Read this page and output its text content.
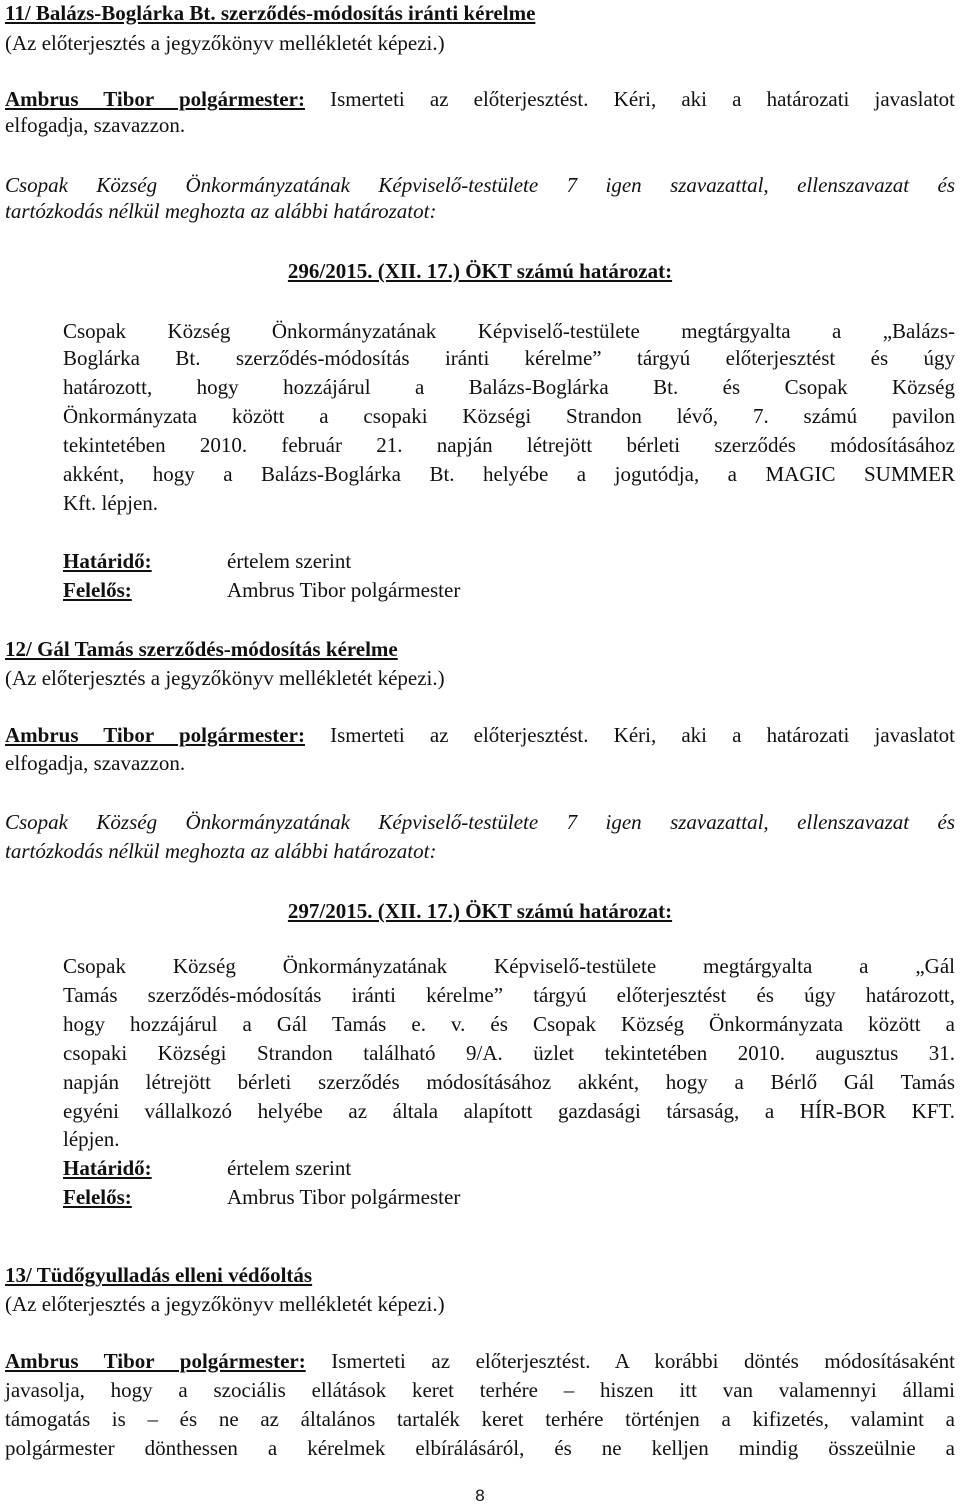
11/ Balázs-Boglárka Bt. szerződés-módosítás iránti kérelme
(Az előterjesztés a jegyzőkönyv mellékletét képezi.)
Ambrus Tibor polgármester: Ismerteti az előterjesztést. Kéri, aki a határozati javaslatot
elfogadja, szavazzon.
Csopak Község Önkormányzatának Képviselő-testülete 7 igen szavazattal, ellenszavazat és
tartózkodás nélkül meghozta az alábbi határozatot:
296/2015. (XII. 17.) ÖKT számú határozat:
Csopak Község Önkormányzatának Képviselő-testülete megtárgyalta a „Balázs-
Boglárka Bt. szerződés-módosítás iránti kérelme” tárgyú előterjesztést és úgy
határozott, hogy hozzájárul a Balázs-Boglárka Bt. és Csopak Község
Önkormányzata között a csopaki Községi Strandon lévő, 7. számú pavilon
tekintetében 2010. február 21. napján létrejött bérleti szerződés módosításához
akként, hogy a Balázs-Boglárka Bt. helyébe a jogutódja, a MAGIC SUMMER
Kft. lépjen.
Határidő:	értelem szerint
Felelős:	Ambrus Tibor polgármester
12/ Gál Tamás szerződés-módosítás kérelme
(Az előterjesztés a jegyzőkönyv mellékletét képezi.)
Ambrus Tibor polgármester: Ismerteti az előterjesztést. Kéri, aki a határozati javaslatot
elfogadja, szavazzon.
Csopak Község Önkormányzatának Képviselő-testülete 7 igen szavazattal, ellenszavazat és
tartózkodás nélkül meghozta az alábbi határozatot:
297/2015. (XII. 17.) ÖKT számú határozat:
Csopak Község Önkormányzatának Képviselő-testülete megtárgyalta a „Gál
Tamás szerződés-módosítás iránti kérelme” tárgyú előterjesztést és úgy határozott,
hogy hozzájárul a Gál Tamás e. v. és Csopak Község Önkormányzata között a
csopaki Községi Strandon található 9/A. üzlet tekintetében 2010. augusztus 31.
napján létrejött bérleti szerződés módosításához akként, hogy a Bérlő Gál Tamás
egyéni vállalkozó helyébe az általa alapított gazdasági társaság, a HÍR-BOR KFT.
lépjen.
Határidő:	értelem szerint
Felelős:	Ambrus Tibor polgármester
13/ Tüdőgyulladás elleni védőoltás
(Az előterjesztés a jegyzőkönyv mellékletét képezi.)
Ambrus Tibor polgármester: Ismerteti az előterjesztést. A korábbi döntés módosításaként
javasolja, hogy a szociális ellátások keret terhére – hiszen itt van valamennyi állami
támogatás is – és ne az általános tartalék keret terhére történjen a kifizetés, valamint a
polgármester dönthessen a kérelmek elbírálásáról, és ne kelljen mindig összeülnie a
8
